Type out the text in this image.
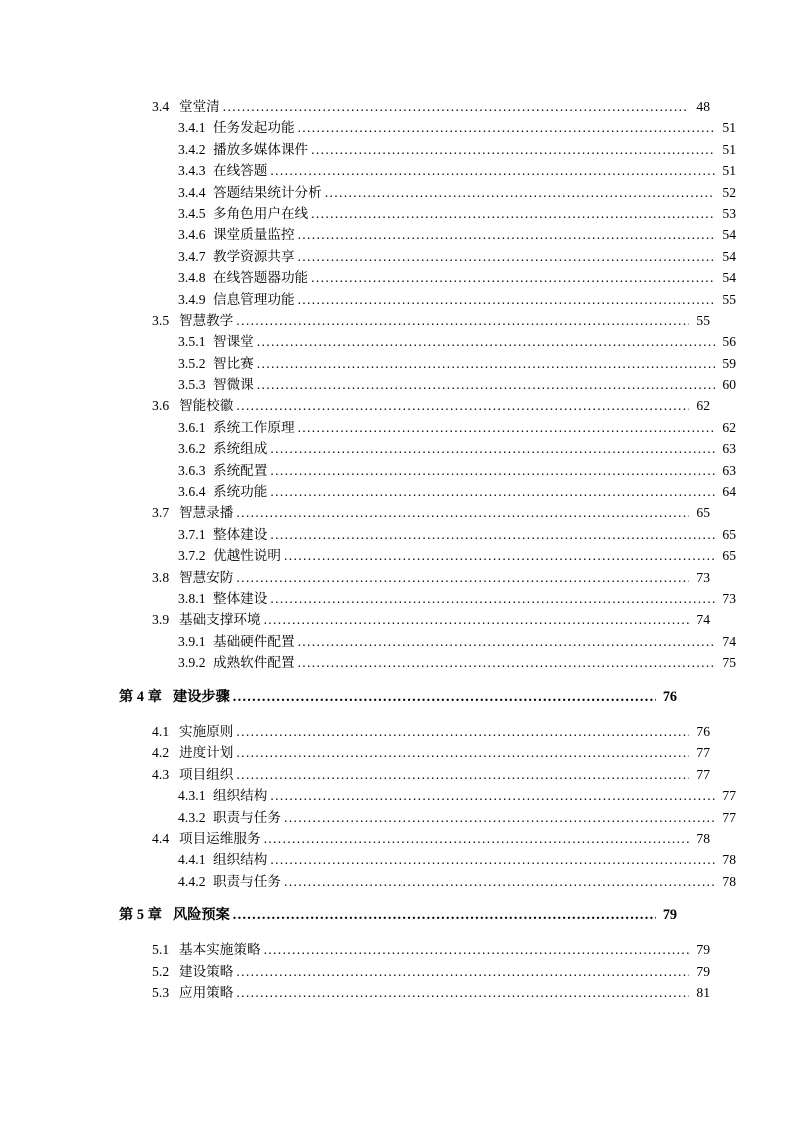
3.4 堂堂清 .....	48
3.4.1 任务发起功能 .....	51
3.4.2 播放多媒体课件 .....	51
3.4.3 在线答题 .....	51
3.4.4 答题结果统计分析 .....	52
3.4.5 多角色用户在线 .....	53
3.4.6 课堂质量监控 .....	54
3.4.7 教学资源共享 .....	54
3.4.8 在线答题器功能 .....	54
3.4.9 信息管理功能 .....	55
3.5 智慧教学 .....	55
3.5.1 智课堂 .....	56
3.5.2 智比赛 .....	59
3.5.3 智微课 .....	60
3.6 智能校徽 .....	62
3.6.1 系统工作原理 .....	62
3.6.2 系统组成 .....	63
3.6.3 系统配置 .....	63
3.6.4 系统功能 .....	64
3.7 智慧录播 .....	65
3.7.1 整体建设 .....	65
3.7.2 优越性说明 .....	65
3.8 智慧安防 .....	73
3.8.1 整体建设 .....	73
3.9 基础支撑环境 .....	74
3.9.1 基础硬件配置 .....	74
3.9.2 成熟软件配置 .....	75
第 4 章 建设步骤 .....	76
4.1 实施原则 .....	76
4.2 进度计划 .....	77
4.3 项目组织 .....	77
4.3.1 组织结构 .....	77
4.3.2 职责与任务 .....	77
4.4 项目运维服务 .....	78
4.4.1 组织结构 .....	78
4.4.2 职责与任务 .....	78
第 5 章 风险预案 .....	79
5.1 基本实施策略 .....	79
5.2 建设策略 .....	79
5.3 应用策略 .....	81
